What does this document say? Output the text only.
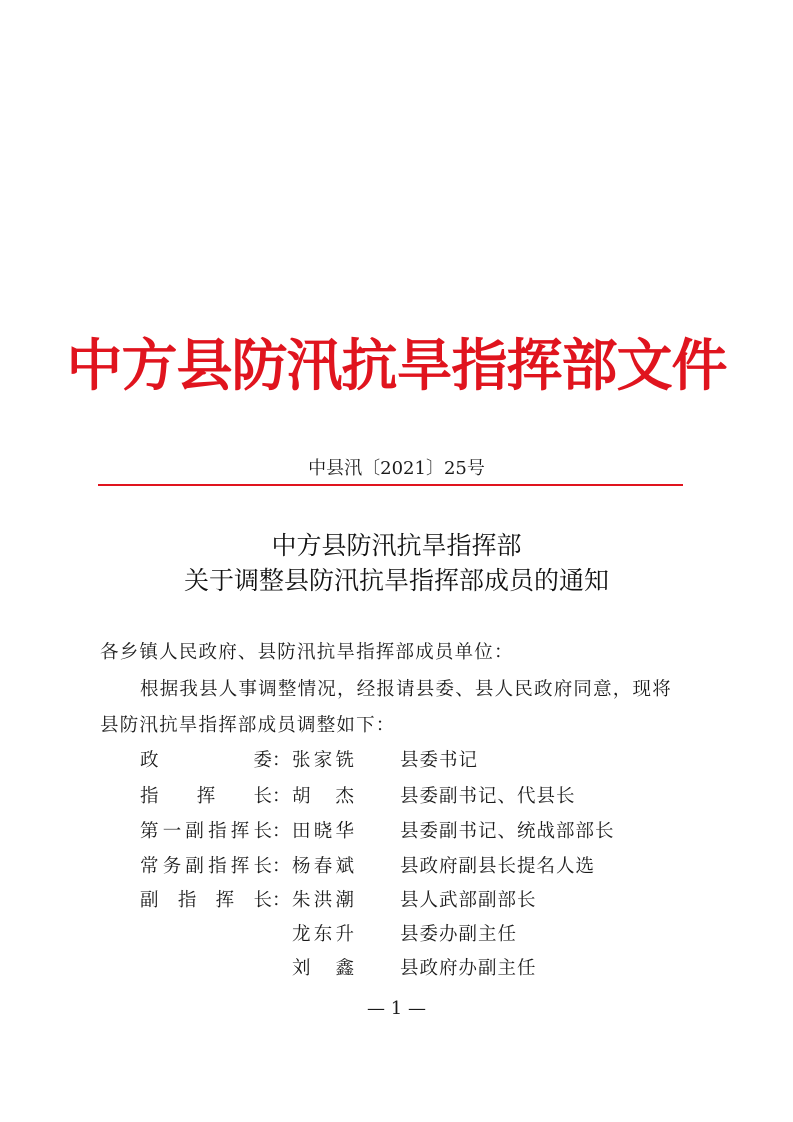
中方县防汛抗旱指挥部文件
中县汛〔2021〕25号
中方县防汛抗旱指挥部
关于调整县防汛抗旱指挥部成员的通知
各乡镇人民政府、县防汛抗旱指挥部成员单位：
根据我县人事调整情况，经报请县委、县人民政府同意，现将
县防汛抗旱指挥部成员调整如下：
政委 ： 张家铣 县委书记
指挥长 ： 胡杰 县委副书记、代县长
第一副指挥长 ： 田晓华 县委副书记、统战部部长
常务副指挥长 ： 杨春斌 县政府副县长提名人选
副指挥长 ： 朱洪潮 县人武部副部长
龙东升 县委办副主任
刘鑫 县政府办副主任
— 1 —
